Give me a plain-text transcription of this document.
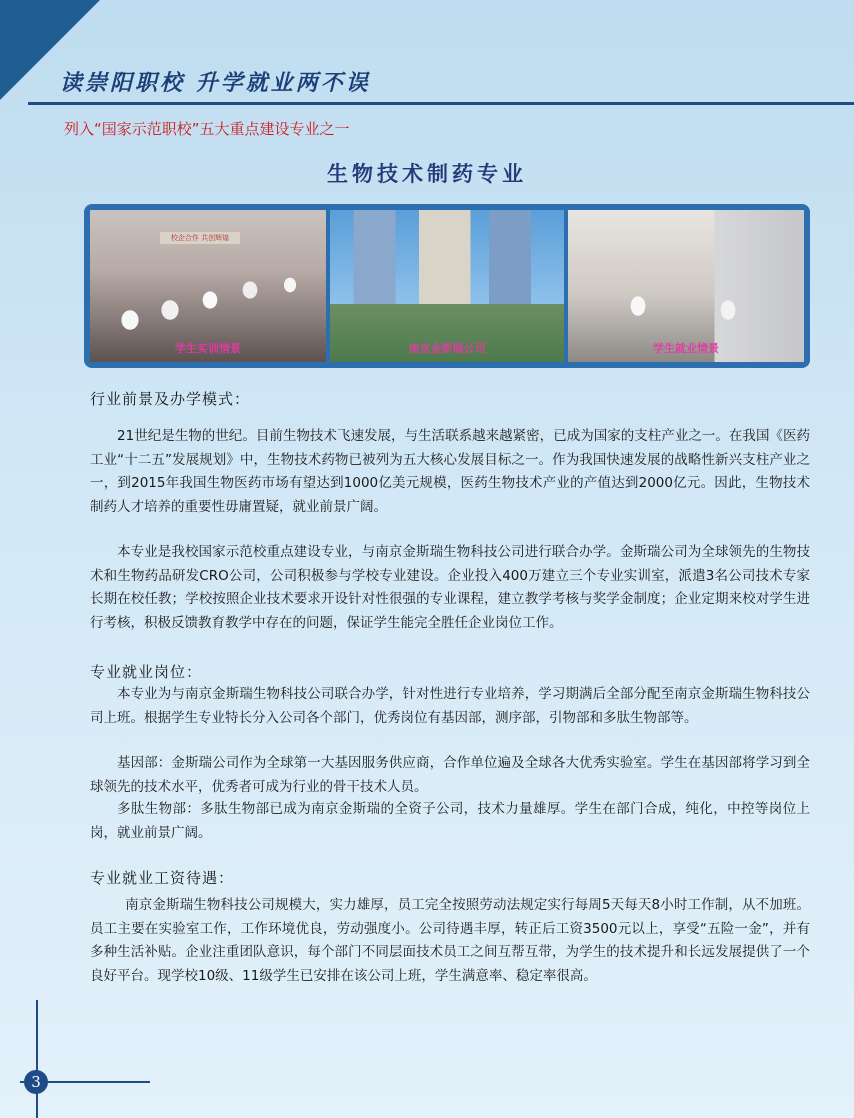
读崇阳职校 升学就业两不误
列入“国家示范职校”五大重点建设专业之一
生物技术制药专业
校企合作 共创辉煌
学生实训情景	南京金斯瑞公司	学生就业情景
行业前景及办学模式：
21世纪是生物的世纪。目前生物技术飞速发展，与生活联系越来越紧密，已成为国家的支柱产业之一。在我国《医药工业“十二五”发展规划》中，生物技术药物已被列为五大核心发展目标之一。作为我国快速发展的战略性新兴支柱产业之一，到2015年我国生物医药市场有望达到1000亿美元规模，医药生物技术产业的产值达到2000亿元。因此，生物技术制药人才培养的重要性毋庸置疑，就业前景广阔。
本专业是我校国家示范校重点建设专业，与南京金斯瑞生物科技公司进行联合办学。金斯瑞公司为全球领先的生物技术和生物药品研发CRO公司，公司积极参与学校专业建设。企业投入400万建立三个专业实训室，派遣3名公司技术专家长期在校任教；学校按照企业技术要求开设针对性很强的专业课程，建立教学考核与奖学金制度；企业定期来校对学生进行考核，积极反馈教育教学中存在的问题，保证学生能完全胜任企业岗位工作。
专业就业岗位：
本专业为与南京金斯瑞生物科技公司联合办学，针对性进行专业培养，学习期满后全部分配至南京金斯瑞生物科技公司上班。根据学生专业特长分入公司各个部门，优秀岗位有基因部，测序部，引物部和多肽生物部等。
基因部：金斯瑞公司作为全球第一大基因服务供应商，合作单位遍及全球各大优秀实验室。学生在基因部将学习到全球领先的技术水平，优秀者可成为行业的骨干技术人员。
多肽生物部：多肽生物部已成为南京金斯瑞的全资子公司，技术力量雄厚。学生在部门合成，纯化，中控等岗位上岗，就业前景广阔。
专业就业工资待遇：
南京金斯瑞生物科技公司规模大，实力雄厚，员工完全按照劳动法规定实行每周5天每天8小时工作制，从不加班。员工主要在实验室工作，工作环境优良，劳动强度小。公司待遇丰厚，转正后工资3500元以上，享受“五险一金”，并有多种生活补贴。企业注重团队意识，每个部门不同层面技术员工之间互帮互带，为学生的技术提升和长远发展提供了一个良好平台。现学校10级、11级学生已安排在该公司上班，学生满意率、稳定率很高。
3
